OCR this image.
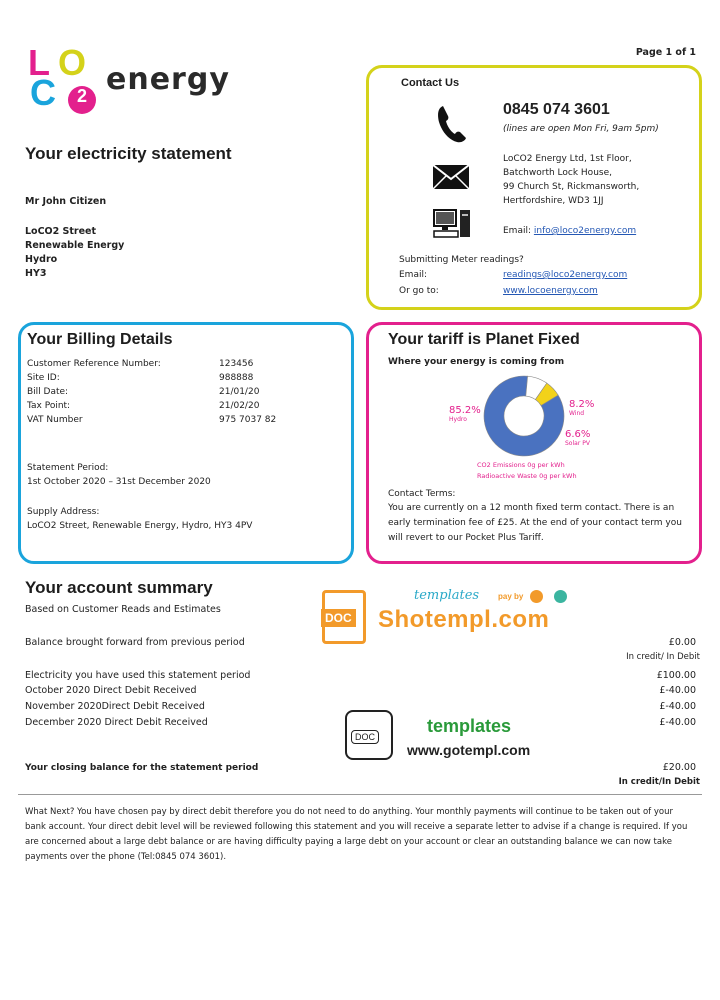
Page 1 of 1
L O
C	2 energy
Your electricity statement
Mr John Citizen
LoCO2 Street
Renewable Energy
Hydro
HY3
Contact Us
0845 074 3601
(lines are open Mon Fri, 9am 5pm)
LoCO2 Energy Ltd, 1st Floor,
Batchworth Lock House,
99 Church St, Rickmansworth,
Hertfordshire, WD3 1JJ
Email: info@loco2energy.com
Submitting Meter readings?
Email:	readings@loco2energy.com
Or go to:	www.locoenergy.com
Your Billing Details
Customer Reference Number:	123456
Site ID:	988888
Bill Date:	21/01/20
Tax Point:	21/02/20
VAT Number	975 7037 82
Statement Period:
1st October 2020 – 31st December 2020
Supply Address:
LoCO2 Street, Renewable Energy, Hydro, HY3 4PV
Your tariff is Planet Fixed
Where your energy is coming from
85.2%
Hydro
8.2%
Wind
6.6%
Solar PV
CO2 Emissions 0g per kWh
Radioactive Waste 0g per kWh
Contact Terms:
You are currently on a 12 month fixed term contact. There is an early termination fee of £25. At the end of your contact term you will revert to our Pocket Plus Tariff.
Your account summary
Based on Customer Reads and Estimates
Balance brought forward from previous period	£0.00
In credit/ In Debit
Electricity you have used this statement period	£100.00
October 2020 Direct Debit Received	£-40.00
November 2020Direct Debit Received	£-40.00
December 2020 Direct Debit Received	£-40.00
Your closing balance for the statement period	£20.00
In credit/In Debit
What Next? You have chosen pay by direct debit therefore you do not need to do anything. Your monthly payments will continue to be taken out of your bank account. Your direct debit level will be reviewed following this statement and you will receive a separate letter to advise if a change is required. If you are concerned about a large debt balance or are having difficulty paying a large debt on your account or clear an outstanding balance we can now take payments over the phone (Tel:0845 074 3601).
DOC
templates pay by
Shotempl.com
DOC
templates
www.gotempl.com
